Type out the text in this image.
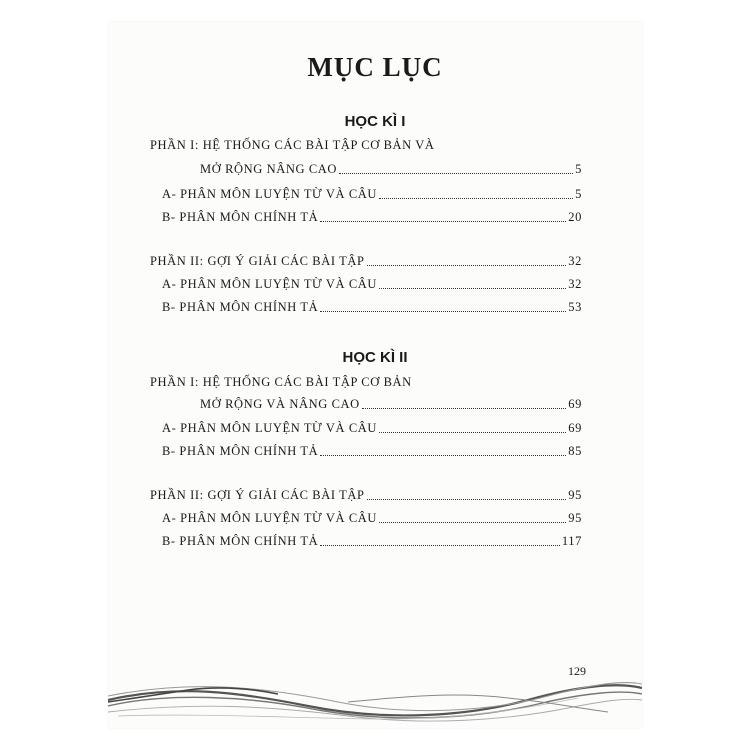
MỤC LỤC
HỌC KÌ I
PHẦN I: HỆ THỐNG CÁC BÀI TẬP CƠ BẢN VÀ
MỞ RỘNG NÂNG CAO	5
A- PHÂN MÔN LUYỆN TỪ VÀ CÂU	5
B- PHÂN MÔN CHÍNH TẢ	20
PHẦN II: GỢI Ý GIẢI CÁC BÀI TẬP	32
A- PHÂN MÔN LUYỆN TỪ VÀ CÂU	32
B- PHÂN MÔN CHÍNH TẢ	53
HỌC KÌ II
PHẦN I: HỆ THỐNG CÁC BÀI TẬP CƠ BẢN
MỞ RỘNG VÀ NÂNG CAO	69
A- PHÂN MÔN LUYỆN TỪ VÀ CÂU	69
B- PHÂN MÔN CHÍNH TẢ	85
PHẦN II: GỢI Ý GIẢI CÁC BÀI TẬP	95
A- PHÂN MÔN LUYỆN TỪ VÀ CÂU	95
B- PHÂN MÔN CHÍNH TẢ	117
129
